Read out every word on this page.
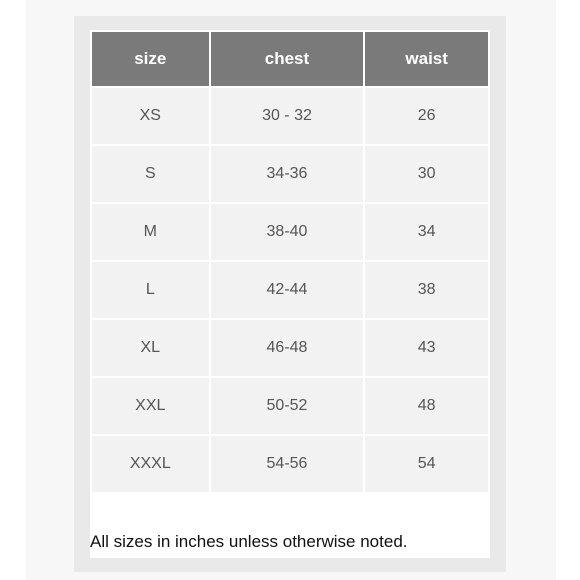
size	chest	waist
XS	30 - 32	26
S	34-36	30
M	38-40	34
L	42-44	38
XL	46-48	43
XXL	50-52	48
XXXL	54-56	54
All sizes in inches unless otherwise noted.
